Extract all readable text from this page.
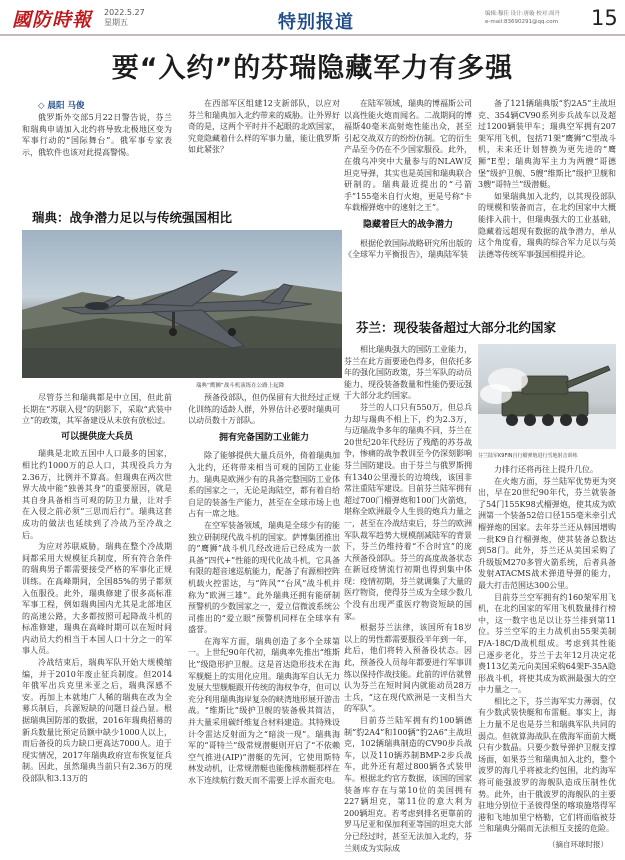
國防時報 2022.5.27
星期五	特别报道	编辑:穆佳 设计:唐璇 校对:周丹
e-mail:83690291@qq.com 15
要“入约”的芬瑞隐藏军力有多强
◇ 晨阳 马俊

俄罗斯外交部5月22日警告说，芬兰和瑞典申请加入北约将导致北极地区变为军事行动的“国际舞台”。俄军事专家表示，俄软件也该对此提高警惕。

在西部军区组建12支新部队，以应对芬兰和瑞典加入北约带来的威胁。让外界好奇的是，这两个平时并不起眼的北欧国家，究竟隐藏着什么样的军事力量，能让俄罗斯如此紧张？

瑞典：战争潜力足以与传统强国相比
瑞典“鹰狮”战斗机演练在公路上起降

尽管芬兰和瑞典都是中立国，但此前长期在“苏联入侵”的阴影下，采取“武装中立”的政策，其军备建设从未放有放松过。

可以提供庞大兵员

瑞典是北欧五国中人口最多的国家，相比约1000万的总人口，其现役兵力为2.36万，比例并不算高。但瑞典在两次世界大战中能“独善其身”的重要原因，就是其自身具备相当可观的防卫力量，让对手在入侵之前必须“三思而后行”。瑞典这套成功的做法也延续到了冷战乃至冷战之后。

为应对苏联威胁，瑞典在整个冷战期间都采用大规模征兵制度，所有符合条件的瑞典男子都需要接受严格的军事化正规训练。在高峰期间，全国85%的男子都须入伍服役。此外，瑞典修建了很多高标准军事工程，例如瑞典国内尤其是北部地区的高速公路，大多都按照可起降战斗机的标准修建，瑞典在高峰时期可以在短时间内动员大约相当于本国人口十分之一的军事人员。

冷战结束后，瑞典军队开始大规模缩编，并于2010年废止征兵制度。但2014年俄军出兵克里米亚之后，瑞典深感不安。再加上本就地广人稀的瑞典在改为全募兵制后，兵源短缺的问题日益凸显。根据瑞典国防部的数据，2016年瑞典招募的新兵数量比预定员额中缺少1000人以上，而后备役的兵力缺口更高达7000人。迫于现实情况，2017年瑞典政府宣布恢复征兵制。因此，虽然瑞典当前只有2.36万的现役部队和3.13万的

预备役部队，但仍保留有大批经过正规化训练的适龄人群，外界估计必要时瑞典可以动员数十万部队。

拥有完备国防工业能力

除了能够提供大量兵员外，倚着瑞典加入北约，还将带来相当可观的国防工业能力。瑞典是欧洲少有的具备完整国防工业体系的国家之一，无论是海陆空，都有着自给自足的装备生产能力，甚至在全球市场上也占有一席之地。

在空军装备领域，瑞典是全球少有的能独立研制现代战斗机的国家。萨博集团推出的“鹰狮”战斗机几经改进后已经成为一款具备“四代+”性能的现代化战斗机，它具备有限的超音速巡航能力，配备了有源相控阵机载火控雷达，与“阵风”“台风”战斗机并称为“欧洲三雄”。此外瑞典还拥有能研制预警机的少数国家之一，爱立信微波系统公司推出的“爱立眼”预警机同样在全球享有盛誉。

在海军方面，瑞典创造了多个全球第一。上世纪90年代初，瑞典率先推出“维斯比”级隐形护卫舰。这是首达隐形技术在海军舰艇上的实用化应用。瑞典海军自认无力发展大型舰艇跟开传统的海权争夺，但可以充分利用瑞典海岸复杂的峡湾地形展开游击战。“维斯比”级护卫舰的装备极其简洁，并大量采用碳纤维复合材料建造。其特殊设计令雷达反射面为之“暗淡一现”。瑞典海军的“哥特兰”级常规潜艇则开启了“不依赖空气推进(AIP)”潜艇的先河，它使用斯特林发动机，让常规潜艇也能像核潜艇那样在水下连续航行数天而不需要上浮水面充电。

在陆军领域，瑞典的博福斯公司以高性能火炮而闻名。二战期间的博福斯40毫米高射炮性能出众，甚至引起交战双方的纷纷仿制。它的衍生产品至今仍在不少国家服役。此外，在俄乌冲突中大量参与的NLAW反坦克导弹，其实也是英国和瑞典联合研制的。瑞典最近提出的“弓箭手”155毫米自行火炮，更是号称“卡车载榴弹炮中的速射之王”。

隐藏着巨大的战争潜力

根据伦敦国际战略研究所出版的《全球军力平衡报告》，瑞典陆军装

备了121辆瑞典版“豹2A5”主战坦克、354辆CV90系列步兵战车以及超过1200辆装甲车；瑞典空军拥有207架军用飞机，包括71架“鹰狮”C型战斗机，未来还计划替换为更先进的“鹰狮”E型；瑞典海军主力为两艘“哥德堡”级护卫舰、5艘“维斯比”级护卫舰和3艘“哥特兰”级潜艇。

如果瑞典加入北约，以其现役部队的规模和装备而言，在北约国家中大概能排入前十，但瑞典强大的工业基础，隐藏着远超现有数据的战争潜力，单从这个角度看，瑞典的综合军力足以与英法德等传统军事强国相提并论。

芬兰：现役装备超过大部分北约国家

相比瑞典强大的国防工业能力，芬兰在此方面要逊色得多，但依托多年的强化国防政策，芬兰军队的动员能力、现役装备数量和性能仍要远强于大部分北约国家。

芬兰的人口只有550万，但总兵力却与瑞典不相上下，约为2.3万，与迈瑞战争多年的瑞典不同，芬兰在20世纪20年代经历了残酷的苏芬战争，惨痛的战争教训至今仍深刻影响芬兰国防建设。由于芬兰与俄罗斯拥有1340公里漫长的边境线，该国非常注重陆军建设。目前芬兰陆军拥有超过700门榴弹炮和100门火箭炮，堪称全欧洲最令人生畏的炮兵力量之一，甚至在冷战结束后，芬兰的欧洲军队裁军趋势大规模削减陆军的背景下，芬兰仍维持着“不合时宜”的庞大预备役部队。芬兰的高度战备状态在新冠疫情流行初期也得到集中体现：疫情初期，芬兰就调集了大量的医疗物资，使得芬兰成为全球少数几个没有出现严重医疗物资短缺的国家。

根据芬兰法律，该国所有18岁以上的男性都需要服役半年到一年，此后，他们将转入预备役状态。因此，预备役人员每年都要进行军事训练以保持作战技能。此前的评估就曾认为芬兰在短时间内就能动员28万士兵，“这在现代欧洲是一支相当大的军队”。

目前芬兰陆军拥有约100辆德制“豹2A4”和100辆“豹2A6”主战坦克，102辆瑞典制造的CV90步兵战车，以及110辆苏制BMP-2步兵战车，此外还有超过800辆各式装甲车。根据北约官方数据，该国的国家装备库存在与第10位的美国拥有227辆坦克，第11位的意大利为200辆坦克。若考虑到排名更靠前的罗马尼亚和保加利亚等国的坦克大部分已经过时，甚至无法加入北约，芬兰则成为实际成

芬兰陆军K9FIN自行榴弹炮进行雪地射击训练

力排行还将再往上提升几位。

在火炮方面，芬兰陆军优势更为突出，早在20世纪90年代，芬兰就装备了54门155K98式榴弹炮，使其成为欧洲第一个装备52倍口径155毫米牵引式榴弹炮的国家。去年芬兰还从韩国增购一批K9自行榴弹炮，使其装备总数达到58门。此外，芬兰还从美国采购了升级版M270多管火箭系统，后者具备发射ATACMS战术弹道导弹的能力，最大打击范围达300公里。

目前芬兰空军拥有约160架军用飞机，在北约国家的军用飞机数量排行榜中，这一数字也足以让芬兰排到第11位。芬兰空军的主力战机由55架美制F/A-18C/D战机组成。考虑到其性能已逐步老化，芬兰于去年12月决定花费113亿美元向美国采购64架F-35A隐形战斗机，将使其成为欧洲最强大的空中力量之一。

相比之下，芬兰海军实力薄弱，仅有少数武装快艇和布雷艇。事实上，海上力量不足也是芬兰和瑞典军队共同的弱点。但就算海战队在俄海军面前大概只有少数晶。只要少数导弹护卫舰支撑场面，如果芬兰和瑞典加入北约，整个波罗的海几乎将被北约包围，北约海军将可能强波罗的海舰队造成压制性优势。此外，由于俄波罗的海舰队的主要驻地分别位于圣彼得堡的喀琅施塔得军港和飞地加里宁格勒，它们将面临被芬兰和瑞典分隔而无法相互支援的危险。

（摘自环球时报）
